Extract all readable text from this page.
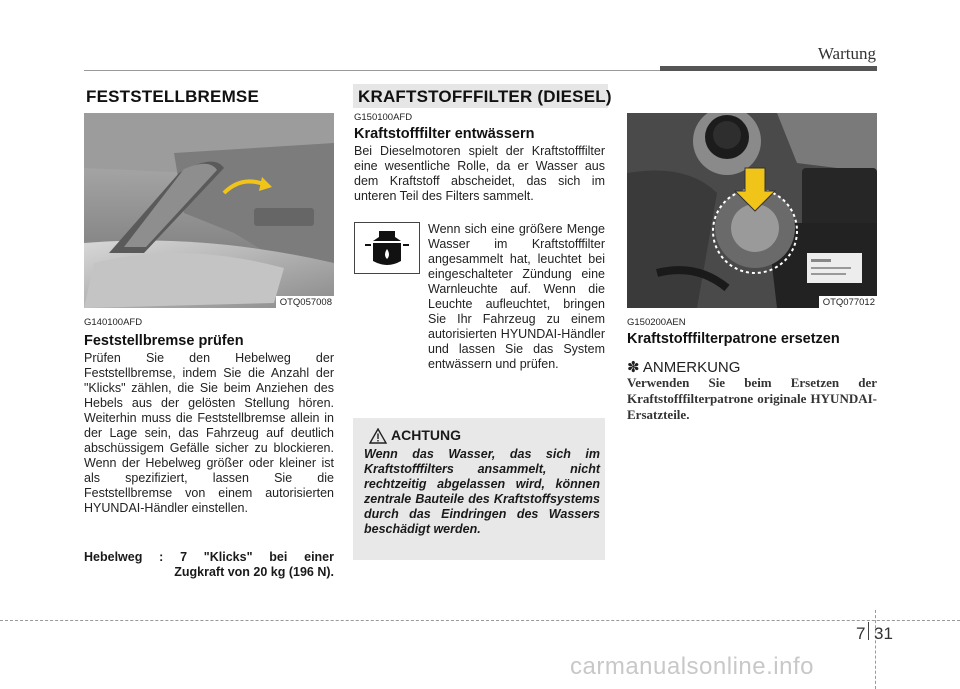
Wartung
FESTSTELLBREMSE
OTQ057008
G140100AFD
Feststellbremse prüfen
Prüfen Sie den Hebelweg der Feststellbremse, indem Sie die Anzahl der "Klicks" zählen, die Sie beim Anziehen des Hebels aus der gelösten Stellung hören. Weiterhin muss die Feststellbremse allein in der Lage sein, das Fahrzeug auf deutlich abschüssigem Gefälle sicher zu blockieren. Wenn der Hebelweg größer oder kleiner ist als spezifiziert, lassen Sie die Feststellbremse von einem autorisierten HYUNDAI-Händler einstellen.
Hebelweg : 7 "Klicks" bei einer
Zugkraft von 20 kg (196 N).
KRAFTSTOFFFILTER (DIESEL)
G150100AFD
Kraftstofffilter entwässern
Bei Dieselmotoren spielt der Kraftstofffilter eine wesentliche Rolle, da er Wasser aus dem Kraftstoff abscheidet, das sich im unteren Teil des Filters sammelt.
Wenn sich eine größere Menge Wasser im Kraftstofffilter angesammelt hat, leuchtet bei eingeschalteter Zündung eine Warnleuchte auf. Wenn die Leuchte aufleuchtet, bringen Sie Ihr Fahrzeug zu einem autorisierten HYUNDAI-Händler und lassen Sie das System entwässern und prüfen.
ACHTUNG
Wenn das Wasser, das sich im Kraftstofffilters ansammelt, nicht rechtzeitig abgelassen wird, können zentrale Bauteile des Kraftstoffsystems durch das Eindringen des Wassers beschädigt werden.
OTQ077012
G150200AEN
Kraftstofffilterpatrone ersetzen
✽ ANMERKUNG
Verwenden Sie beim Ersetzen der Kraftstofffilterpatrone originale HYUNDAI-Ersatzteile.
7 31
carmanualsonline.info
